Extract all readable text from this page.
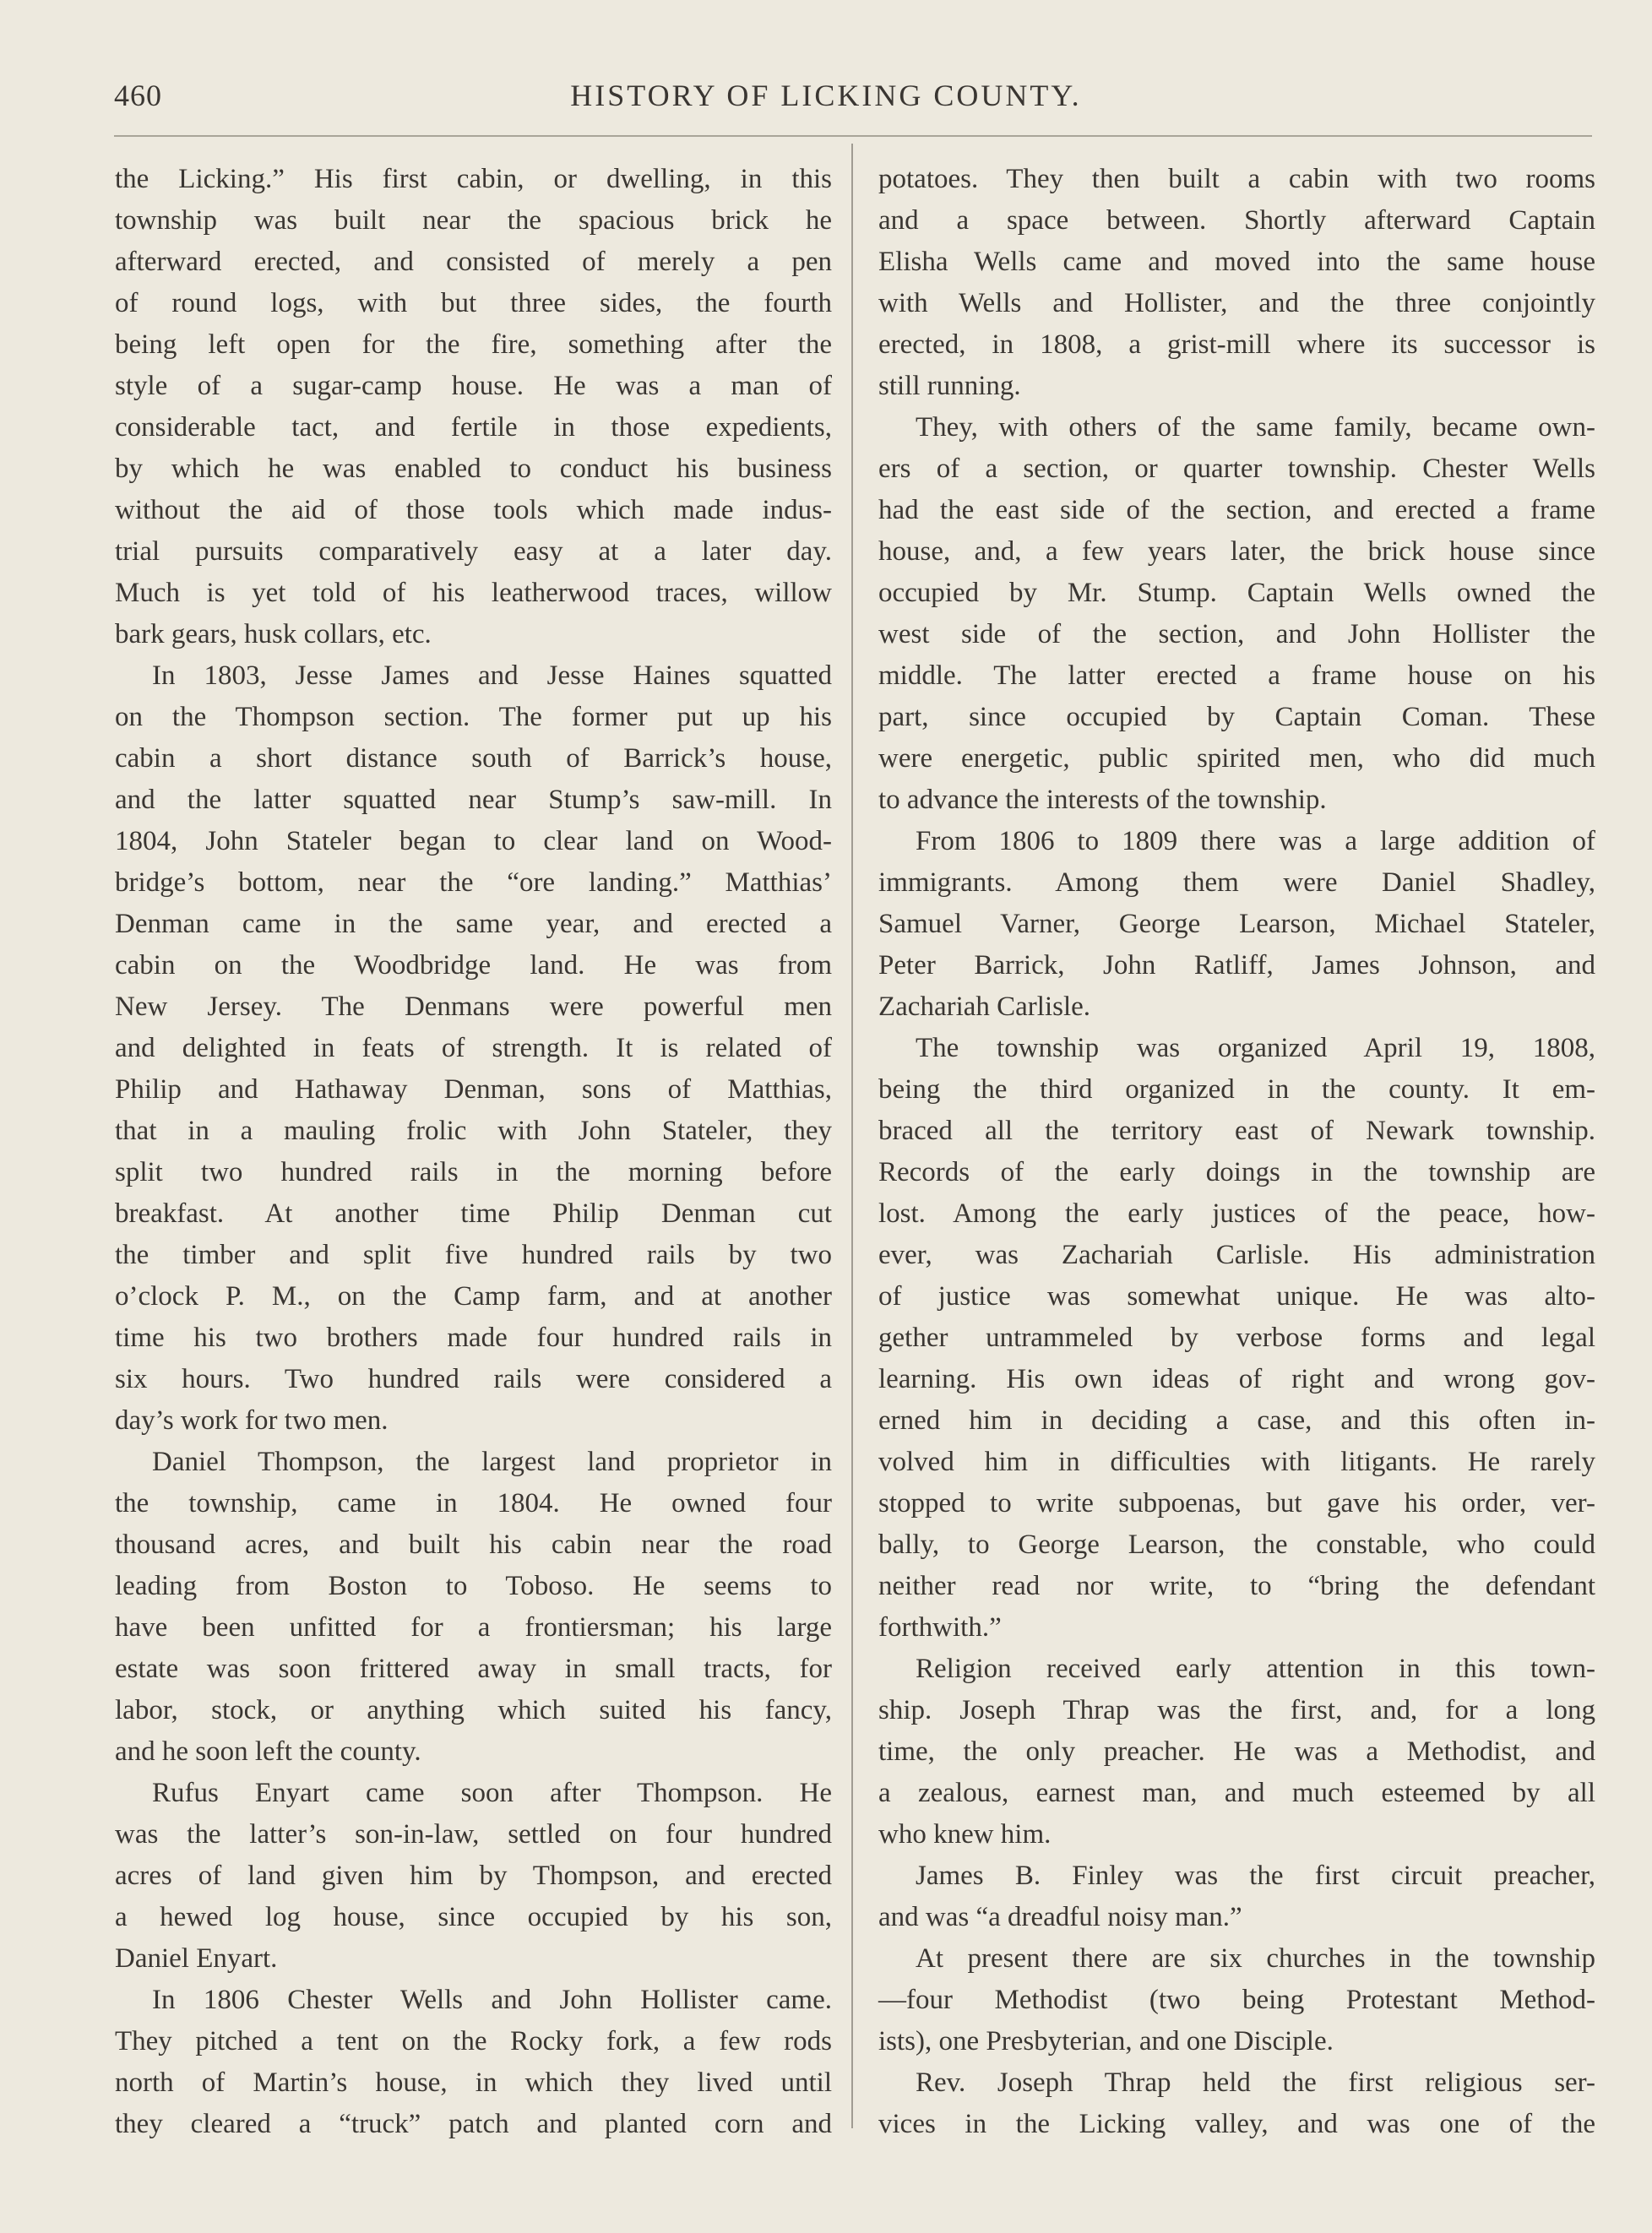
460	HISTORY OF LICKING COUNTY.

the Licking.” His first cabin, or dwelling, in this

township was built near the spacious brick he

afterward erected, and consisted of merely a pen

of round logs, with but three sides, the fourth

being left open for the fire, something after the

style of a sugar-camp house. He was a man of

considerable tact, and fertile in those expedients,

by which he was enabled to conduct his business

without the aid of those tools which made indus-

trial pursuits comparatively easy at a later day.

Much is yet told of his leatherwood traces, willow

bark gears, husk collars, etc.

In 1803, Jesse James and Jesse Haines squatted

on the Thompson section. The former put up his

cabin a short distance south of Barrick’s house,

and the latter squatted near Stump’s saw-mill. In

1804, John Stateler began to clear land on Wood-

bridge’s bottom, near the “ore landing.” Matthias’

Denman came in the same year, and erected a

cabin on the Woodbridge land. He was from

New Jersey. The Denmans were powerful men

and delighted in feats of strength. It is related of

Philip and Hathaway Denman, sons of Matthias,

that in a mauling frolic with John Stateler, they

split two hundred rails in the morning before

breakfast. At another time Philip Denman cut

the timber and split five hundred rails by two

o’clock P. M., on the Camp farm, and at another

time his two brothers made four hundred rails in

six hours. Two hundred rails were considered a

day’s work for two men.

Daniel Thompson, the largest land proprietor in

the township, came in 1804. He owned four

thousand acres, and built his cabin near the road

leading from Boston to Toboso. He seems to

have been unfitted for a frontiersman; his large

estate was soon frittered away in small tracts, for

labor, stock, or anything which suited his fancy,

and he soon left the county.

Rufus Enyart came soon after Thompson. He

was the latter’s son-in-law, settled on four hundred

acres of land given him by Thompson, and erected

a hewed log house, since occupied by his son,

Daniel Enyart.

In 1806 Chester Wells and John Hollister came.

They pitched a tent on the Rocky fork, a few rods

north of Martin’s house, in which they lived until

they cleared a “truck” patch and planted corn and

potatoes. They then built a cabin with two rooms

and a space between. Shortly afterward Captain

Elisha Wells came and moved into the same house

with Wells and Hollister, and the three conjointly

erected, in 1808, a grist-mill where its successor is

still running.

They, with others of the same family, became own-

ers of a section, or quarter township. Chester Wells

had the east side of the section, and erected a frame

house, and, a few years later, the brick house since

occupied by Mr. Stump. Captain Wells owned the

west side of the section, and John Hollister the

middle. The latter erected a frame house on his

part, since occupied by Captain Coman. These

were energetic, public spirited men, who did much

to advance the interests of the township.

From 1806 to 1809 there was a large addition of

immigrants. Among them were Daniel Shadley,

Samuel Varner, George Learson, Michael Stateler,

Peter Barrick, John Ratliff, James Johnson, and

Zachariah Carlisle.

The township was organized April 19, 1808,

being the third organized in the county. It em-

braced all the territory east of Newark township.

Records of the early doings in the township are

lost. Among the early justices of the peace, how-

ever, was Zachariah Carlisle. His administration

of justice was somewhat unique. He was alto-

gether untrammeled by verbose forms and legal

learning. His own ideas of right and wrong gov-

erned him in deciding a case, and this often in-

volved him in difficulties with litigants. He rarely

stopped to write subpoenas, but gave his order, ver-

bally, to George Learson, the constable, who could

neither read nor write, to “bring the defendant

forthwith.”

Religion received early attention in this town-

ship. Joseph Thrap was the first, and, for a long

time, the only preacher. He was a Methodist, and

a zealous, earnest man, and much esteemed by all

who knew him.

James B. Finley was the first circuit preacher,

and was “a dreadful noisy man.”

At present there are six churches in the township

—four Methodist (two being Protestant Method-

ists), one Presbyterian, and one Disciple.

Rev. Joseph Thrap held the first religious ser-

vices in the Licking valley, and was one of the
